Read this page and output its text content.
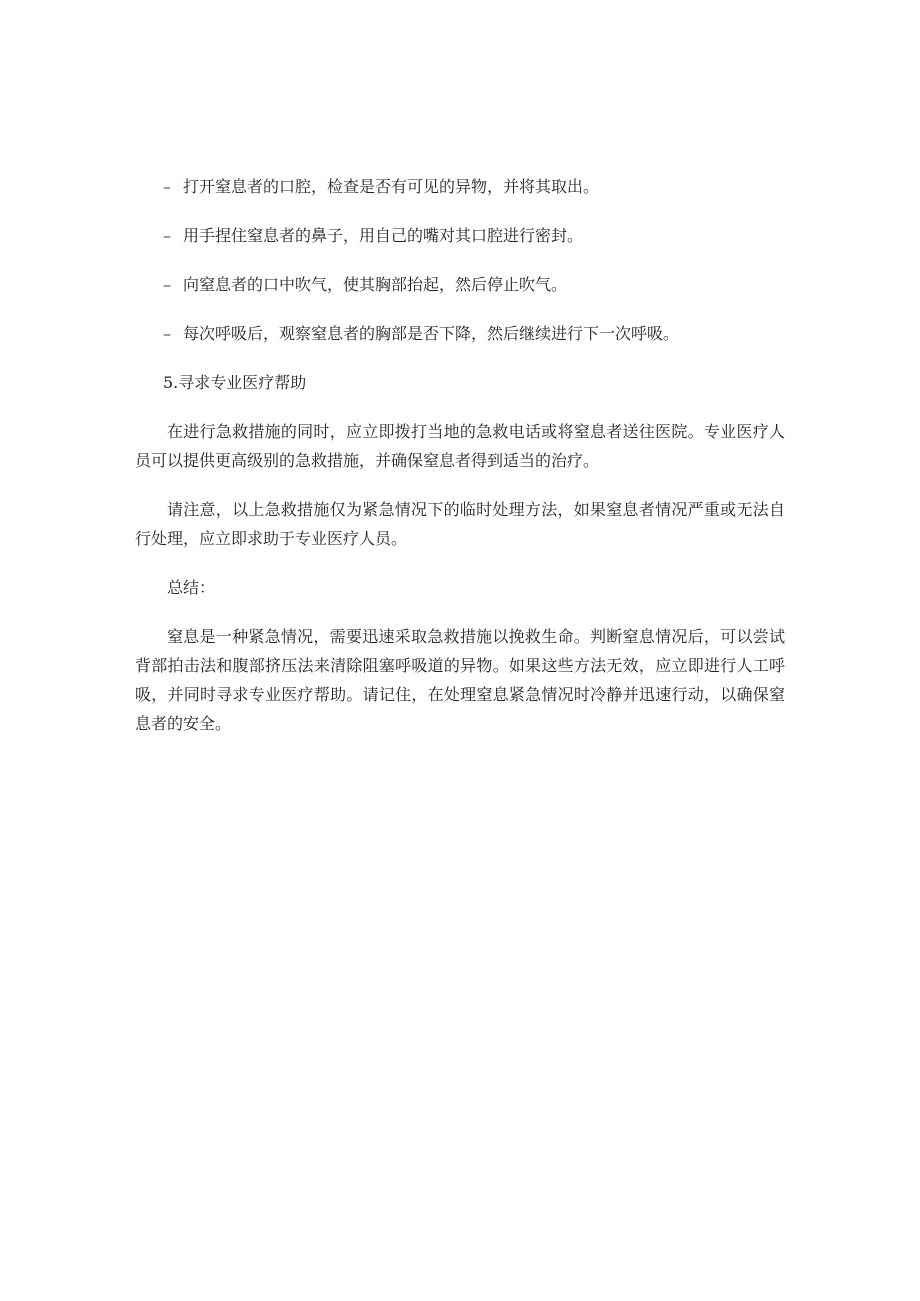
– 打开窒息者的口腔，检查是否有可见的异物，并将其取出。
– 用手捏住窒息者的鼻子，用自己的嘴对其口腔进行密封。
– 向窒息者的口中吹气，使其胸部抬起，然后停止吹气。
– 每次呼吸后，观察窒息者的胸部是否下降，然后继续进行下一次呼吸。
5.寻求专业医疗帮助

在进行急救措施的同时，应立即拨打当地的急救电话或将窒息者送往医院。专业医疗人员可以提供更高级别的急救措施，并确保窒息者得到适当的治疗。

请注意，以上急救措施仅为紧急情况下的临时处理方法，如果窒息者情况严重或无法自行处理，应立即求助于专业医疗人员。

总结：

窒息是一种紧急情况，需要迅速采取急救措施以挽救生命。判断窒息情况后，可以尝试背部拍击法和腹部挤压法来清除阻塞呼吸道的异物。如果这些方法无效，应立即进行人工呼吸，并同时寻求专业医疗帮助。请记住，在处理窒息紧急情况时冷静并迅速行动，以确保窒息者的安全。
